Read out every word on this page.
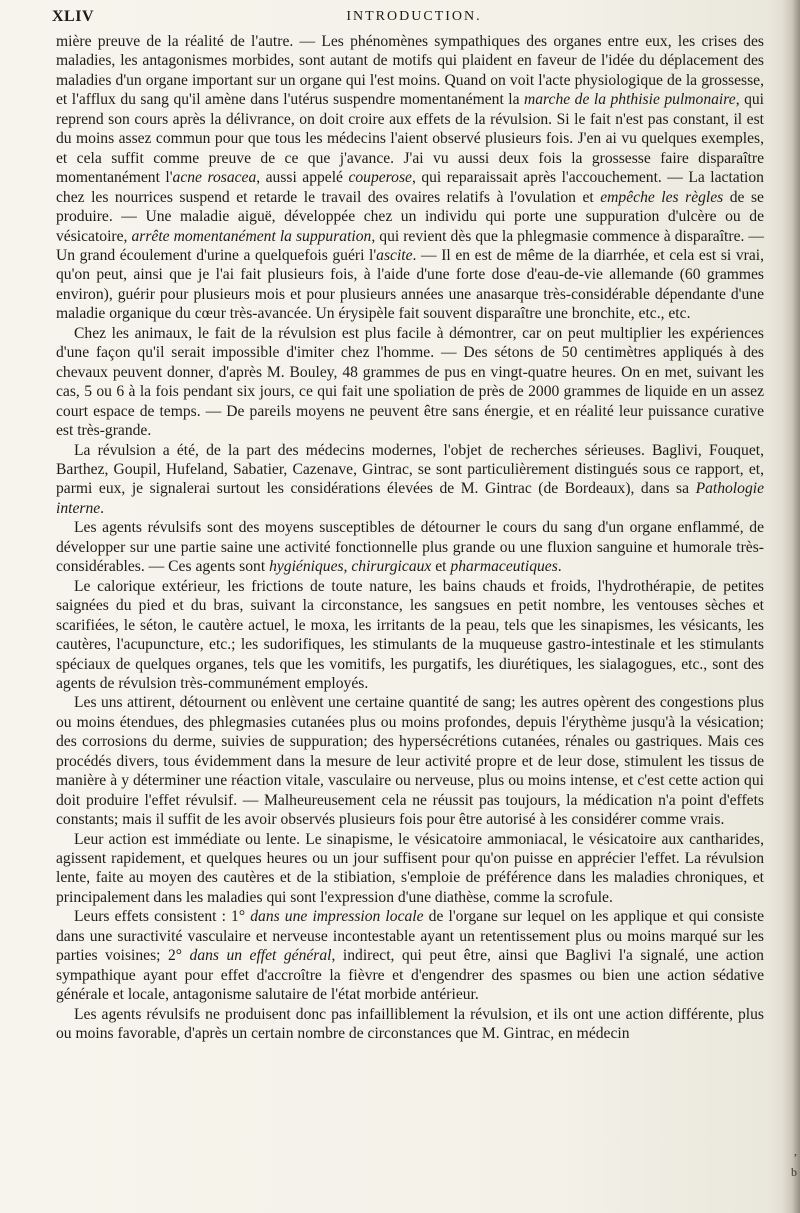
XLIV	INTRODUCTION.

mière preuve de la réalité de l'autre. — Les phénomènes sympathiques des organes entre eux, les crises des maladies, les antagonismes morbides, sont autant de motifs qui plaident en faveur de l'idée du déplacement des maladies d'un organe important sur un organe qui l'est moins. Quand on voit l'acte physiologique de la grossesse, et l'afflux du sang qu'il amène dans l'utérus suspendre momentanément la marche de la phthisie pulmonaire, qui reprend son cours après la délivrance, on doit croire aux effets de la révulsion. Si le fait n'est pas constant, il est du moins assez commun pour que tous les médecins l'aient observé plusieurs fois. J'en ai vu quelques exemples, et cela suffit comme preuve de ce que j'avance. J'ai vu aussi deux fois la grossesse faire disparaître momentanément l'acne rosacea, aussi appelé couperose, qui reparaissait après l'accouchement. — La lactation chez les nourrices suspend et retarde le travail des ovaires relatifs à l'ovulation et empêche les règles de se produire. — Une maladie aiguë, développée chez un individu qui porte une suppuration d'ulcère ou de vésicatoire, arrête momentanément la suppuration, qui revient dès que la phlegmasie commence à disparaître. — Un grand écoulement d'urine a quelquefois guéri l'ascite. — Il en est de même de la diarrhée, et cela est si vrai, qu'on peut, ainsi que je l'ai fait plusieurs fois, à l'aide d'une forte dose d'eau-de-vie allemande (60 grammes environ), guérir pour plusieurs mois et pour plusieurs années une anasarque très-considérable dépendante d'une maladie organique du cœur très-avancée. Un érysipèle fait souvent disparaître une bronchite, etc., etc.

Chez les animaux, le fait de la révulsion est plus facile à démontrer, car on peut multiplier les expériences d'une façon qu'il serait impossible d'imiter chez l'homme. — Des sétons de 50 centimètres appliqués à des chevaux peuvent donner, d'après M. Bouley, 48 grammes de pus en vingt-quatre heures. On en met, suivant les cas, 5 ou 6 à la fois pendant six jours, ce qui fait une spoliation de près de 2000 grammes de liquide en un assez court espace de temps. — De pareils moyens ne peuvent être sans énergie, et en réalité leur puissance curative est très-grande.

La révulsion a été, de la part des médecins modernes, l'objet de recherches sérieuses. Baglivi, Fouquet, Barthez, Goupil, Hufeland, Sabatier, Cazenave, Gintrac, se sont particulièrement distingués sous ce rapport, et, parmi eux, je signalerai surtout les considérations élevées de M. Gintrac (de Bordeaux), dans sa Pathologie interne.

Les agents révulsifs sont des moyens susceptibles de détourner le cours du sang d'un organe enflammé, de développer sur une partie saine une activité fonctionnelle plus grande ou une fluxion sanguine et humorale très-considérables. — Ces agents sont hygiéniques, chirurgicaux et pharmaceutiques.

Le calorique extérieur, les frictions de toute nature, les bains chauds et froids, l'hydrothérapie, de petites saignées du pied et du bras, suivant la circonstance, les sangsues en petit nombre, les ventouses sèches et scarifiées, le séton, le cautère actuel, le moxa, les irritants de la peau, tels que les sinapismes, les vésicants, les cautères, l'acupuncture, etc.; les sudorifiques, les stimulants de la muqueuse gastro-intestinale et les stimulants spéciaux de quelques organes, tels que les vomitifs, les purgatifs, les diurétiques, les sialagogues, etc., sont des agents de révulsion très-communément employés.

Les uns attirent, détournent ou enlèvent une certaine quantité de sang; les autres opèrent des congestions plus ou moins étendues, des phlegmasies cutanées plus ou moins profondes, depuis l'érythème jusqu'à la vésication; des corrosions du derme, suivies de suppuration; des hypersécrétions cutanées, rénales ou gastriques. Mais ces procédés divers, tous évidemment dans la mesure de leur activité propre et de leur dose, stimulent les tissus de manière à y déterminer une réaction vitale, vasculaire ou nerveuse, plus ou moins intense, et c'est cette action qui doit produire l'effet révulsif. — Malheureusement cela ne réussit pas toujours, la médication n'a point d'effets constants; mais il suffit de les avoir observés plusieurs fois pour être autorisé à les considérer comme vrais.

Leur action est immédiate ou lente. Le sinapisme, le vésicatoire ammoniacal, le vésicatoire aux cantharides, agissent rapidement, et quelques heures ou un jour suffisent pour qu'on puisse en apprécier l'effet. La révulsion lente, faite au moyen des cautères et de la stibiation, s'emploie de préférence dans les maladies chroniques, et principalement dans les maladies qui sont l'expression d'une diathèse, comme la scrofule.

Leurs effets consistent : 1° dans une impression locale de l'organe sur lequel on les applique et qui consiste dans une suractivité vasculaire et nerveuse incontestable ayant un retentissement plus ou moins marqué sur les parties voisines; 2° dans un effet général, indirect, qui peut être, ainsi que Baglivi l'a signalé, une action sympathique ayant pour effet d'accroître la fièvre et d'engendrer des spasmes ou bien une action sédative générale et locale, antagonisme salutaire de l'état morbide antérieur.

Les agents révulsifs ne produisent donc pas infailliblement la révulsion, et ils ont une action différente, plus ou moins favorable, d'après un certain nombre de circonstances que M. Gintrac, en médecin

,
b
